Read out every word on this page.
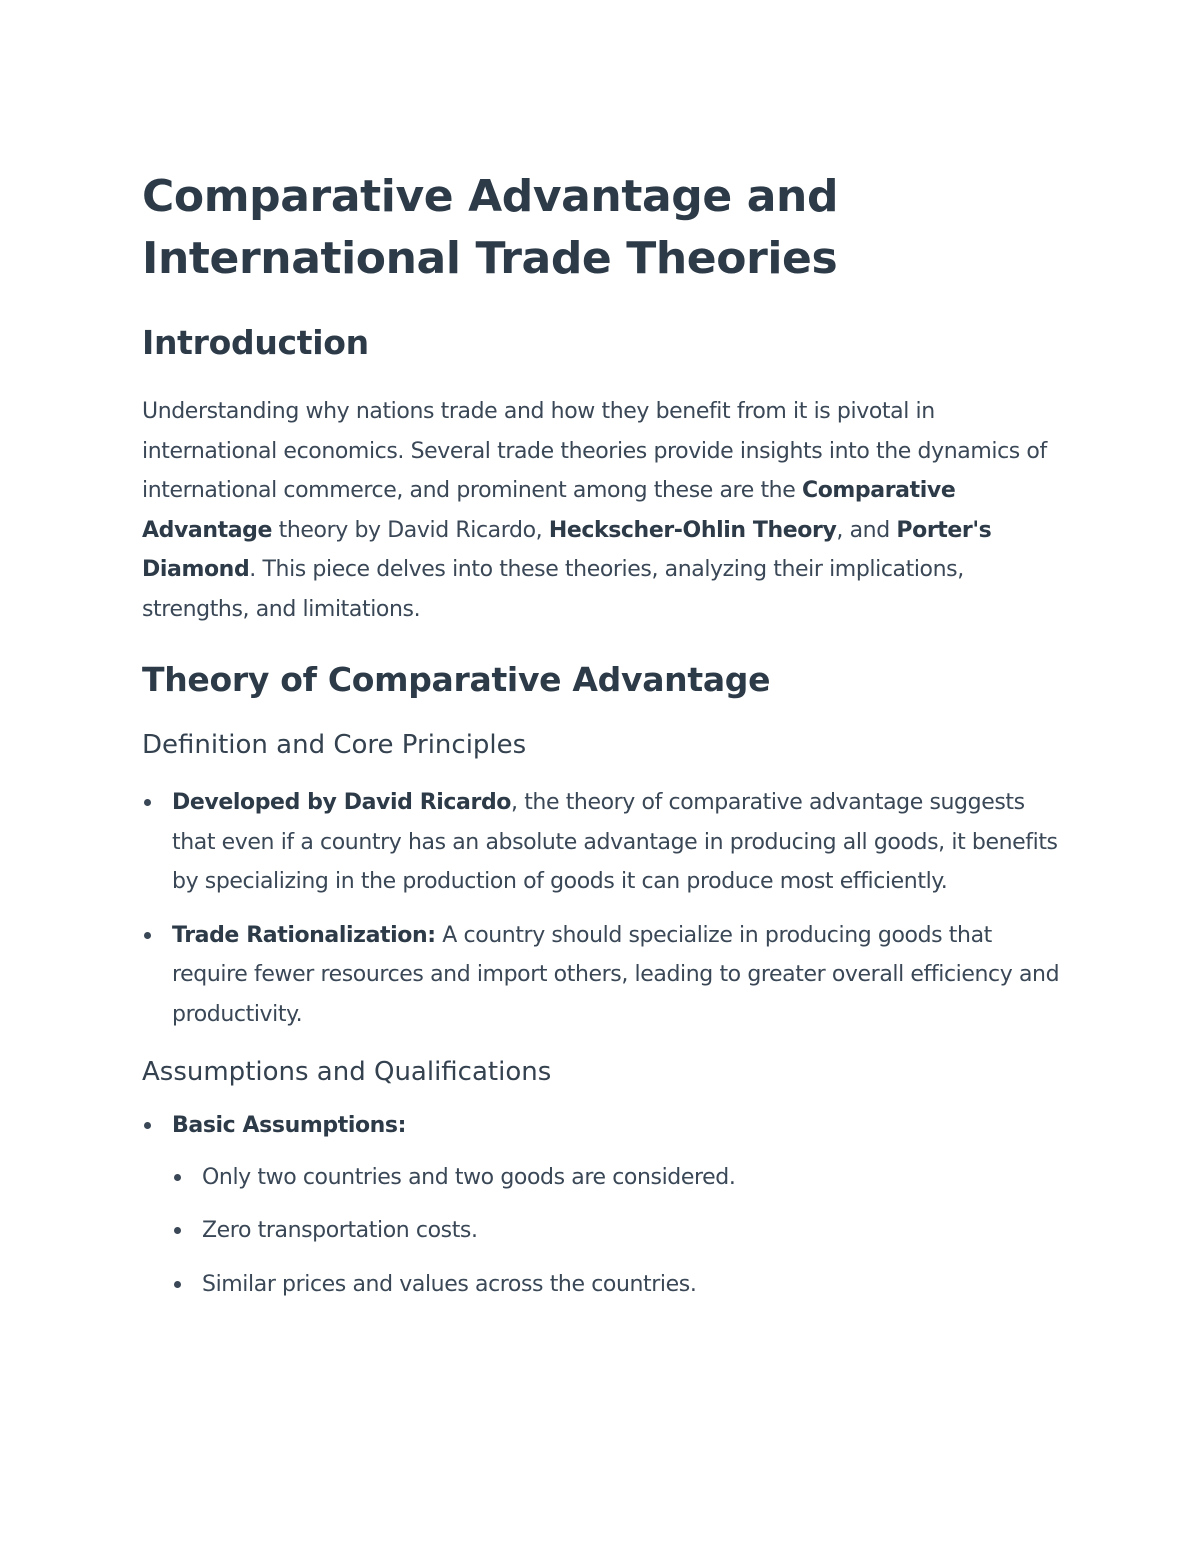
Comparative Advantage and
International Trade Theories
Introduction

Understanding why nations trade and how they benefit from it is pivotal in international economics. Several trade theories provide insights into the dynamics of international commerce, and prominent among these are the Comparative Advantage theory by David Ricardo, Heckscher-Ohlin Theory, and Porter's Diamond. This piece delves into these theories, analyzing their implications, strengths, and limitations.

Theory of Comparative Advantage
Definition and Core Principles
Developed by David Ricardo, the theory of comparative advantage suggests that even if a country has an absolute advantage in producing all goods, it benefits by specializing in the production of goods it can produce most efficiently.
Trade Rationalization: A country should specialize in producing goods that require fewer resources and import others, leading to greater overall efficiency and productivity.
Assumptions and Qualifications
Basic Assumptions:
Only two countries and two goods are considered.
Zero transportation costs.
Similar prices and values across the countries.
